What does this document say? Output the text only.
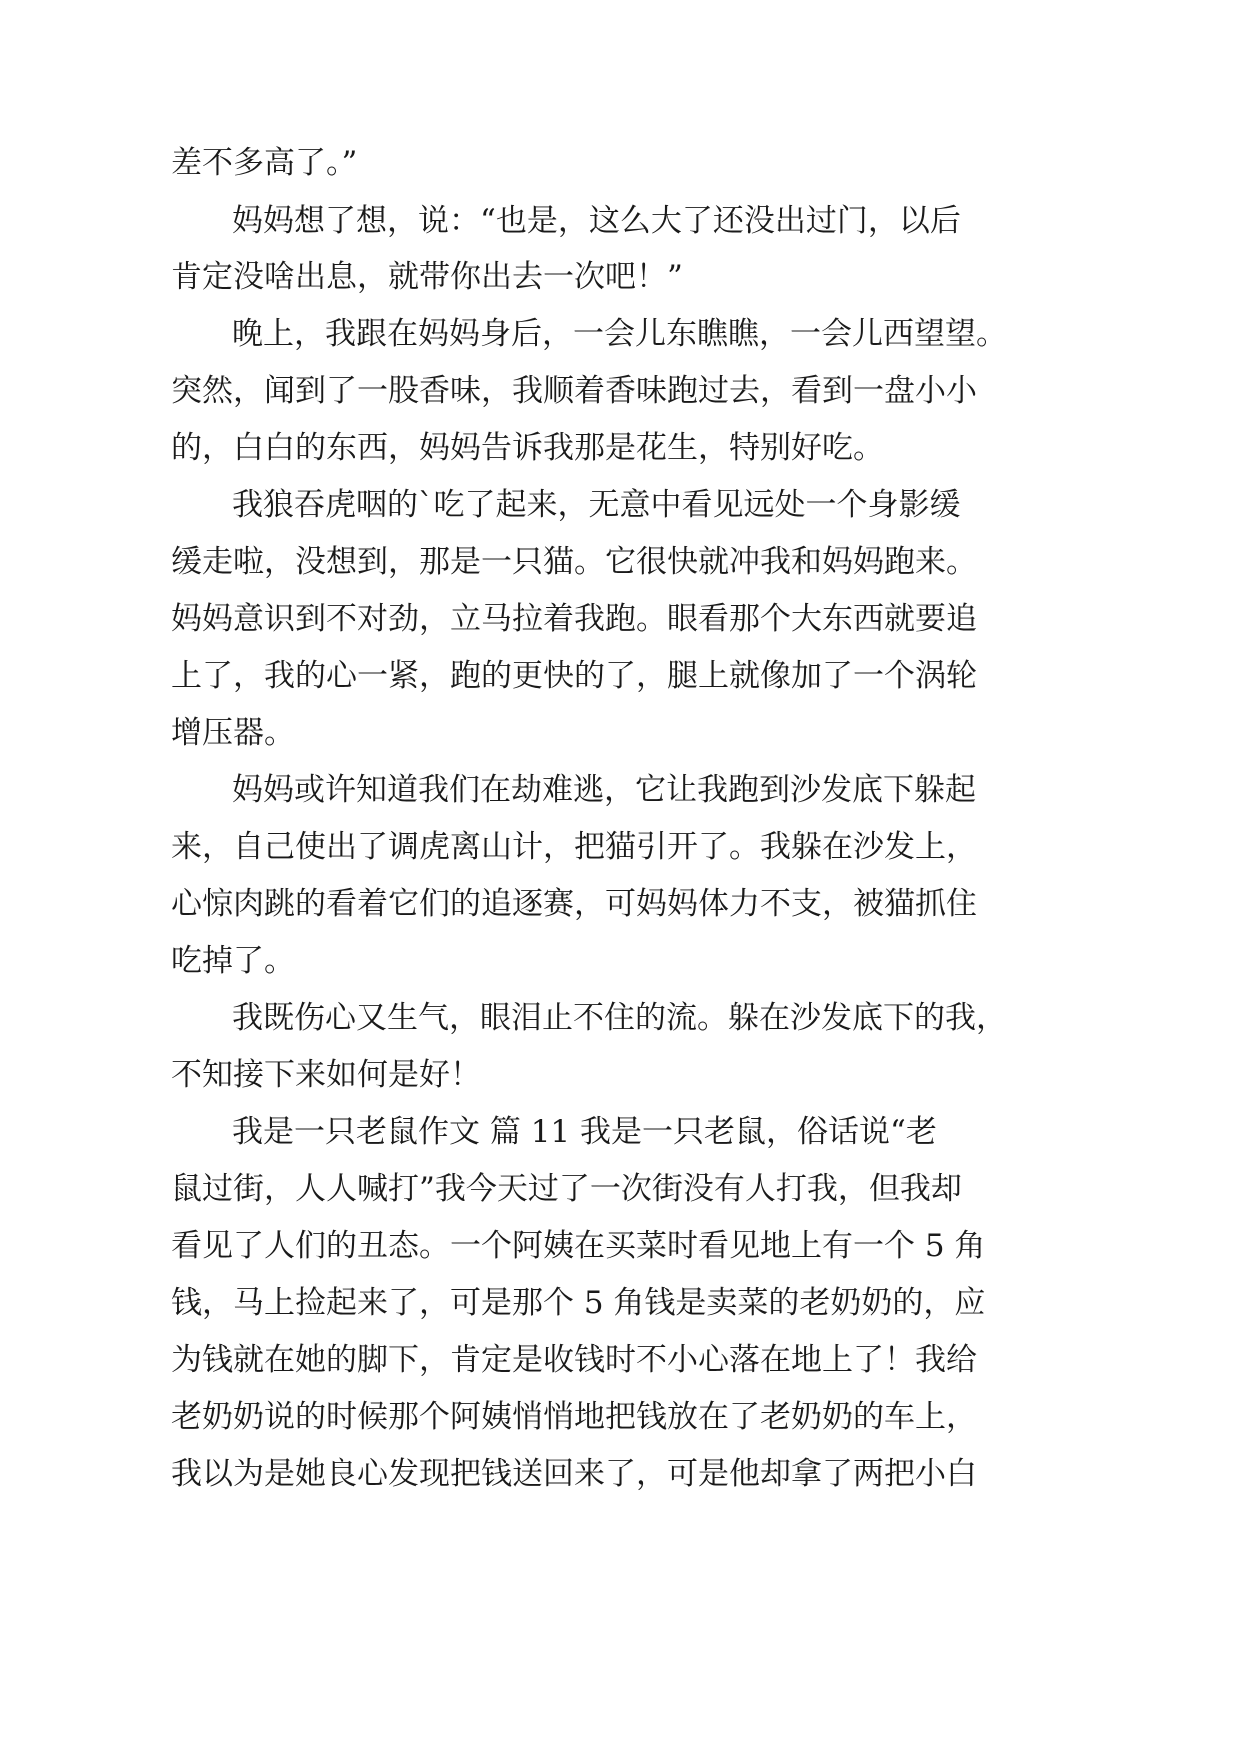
差不多高了。”
妈妈想了想，说：“也是，这么大了还没出过门，以后
肯定没啥出息，就带你出去一次吧！”
晚上，我跟在妈妈身后，一会儿东瞧瞧，一会儿西望望。
突然，闻到了一股香味，我顺着香味跑过去，看到一盘小小
的，白白的东西，妈妈告诉我那是花生，特别好吃。
我狼吞虎咽的`吃了起来，无意中看见远处一个身影缓
缓走啦，没想到，那是一只猫。它很快就冲我和妈妈跑来。
妈妈意识到不对劲，立马拉着我跑。眼看那个大东西就要追
上了，我的心一紧，跑的更快的了，腿上就像加了一个涡轮
增压器。
妈妈或许知道我们在劫难逃，它让我跑到沙发底下躲起
来，自己使出了调虎离山计，把猫引开了。我躲在沙发上，
心惊肉跳的看着它们的追逐赛，可妈妈体力不支，被猫抓住
吃掉了。
我既伤心又生气，眼泪止不住的流。躲在沙发底下的我，
不知接下来如何是好！
我是一只老鼠作文 篇 11 我是一只老鼠，俗话说“老
鼠过街，人人喊打”我今天过了一次街没有人打我，但我却
看见了人们的丑态。一个阿姨在买菜时看见地上有一个 5 角
钱，马上捡起来了，可是那个 5 角钱是卖菜的老奶奶的，应
为钱就在她的脚下，肯定是收钱时不小心落在地上了！我给
老奶奶说的时候那个阿姨悄悄地把钱放在了老奶奶的车上，
我以为是她良心发现把钱送回来了，可是他却拿了两把小白
